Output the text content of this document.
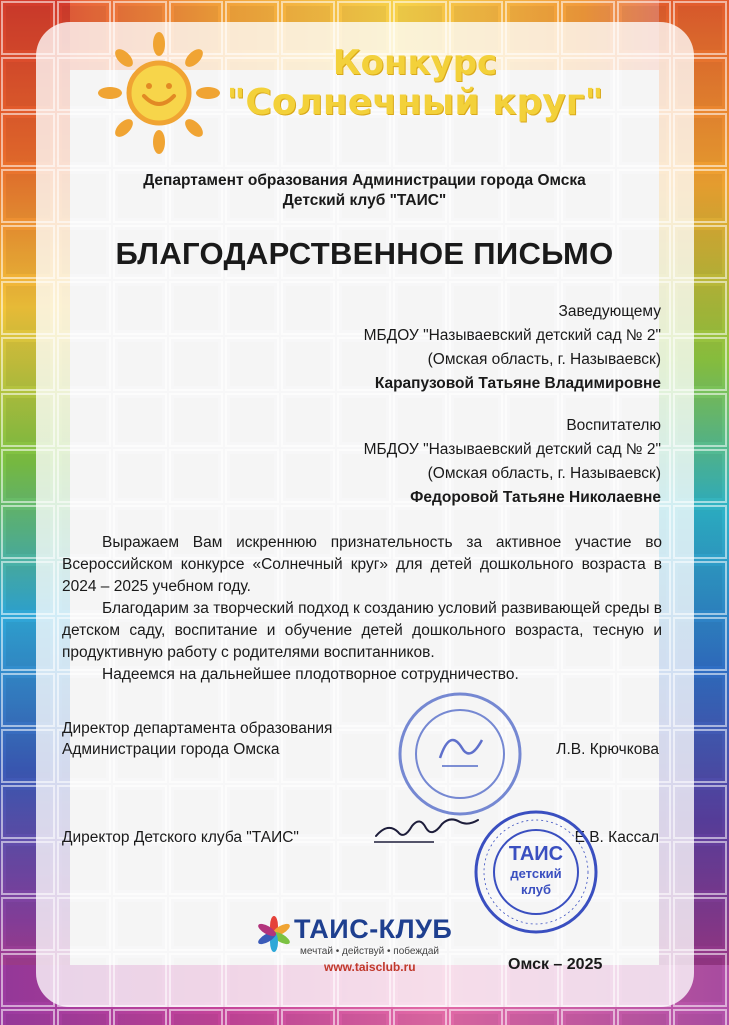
Конкурс
"Солнечный круг"
Департамент образования Администрации города Омска
Детский клуб "ТАИС"
БЛАГОДАРСТВЕННОЕ ПИСЬМО
Заведующему
МБДОУ "Называевский детский сад № 2"
(Омская область, г. Называевск)
Карапузовой Татьяне Владимировне
Воспитателю
МБДОУ "Называевский детский сад № 2"
(Омская область, г. Называевск)
Федоровой Татьяне Николаевне

Выражаем Вам искреннюю признательность за активное участие во Всероссийском конкурсе «Солнечный круг» для детей дошкольного возраста в 2024 – 2025 учебном году.

Благодарим за творческий подход к созданию условий развивающей среды в детском саду, воспитание и обучение детей дошкольного возраста, тесную и продуктивную работу с родителями воспитанников.

Надеемся на дальнейшее плодотворное сотрудничество.

Директор департамента образования
Администрации города Омска	Л.В. Крючкова
Директор Детского клуба "ТАИС"	Е.В. Кассал
ТАИС
детский
клуб
ТАИС-КЛУБ
мечтай • действуй • побеждай
www.taisclub.ru	Омск – 2025
